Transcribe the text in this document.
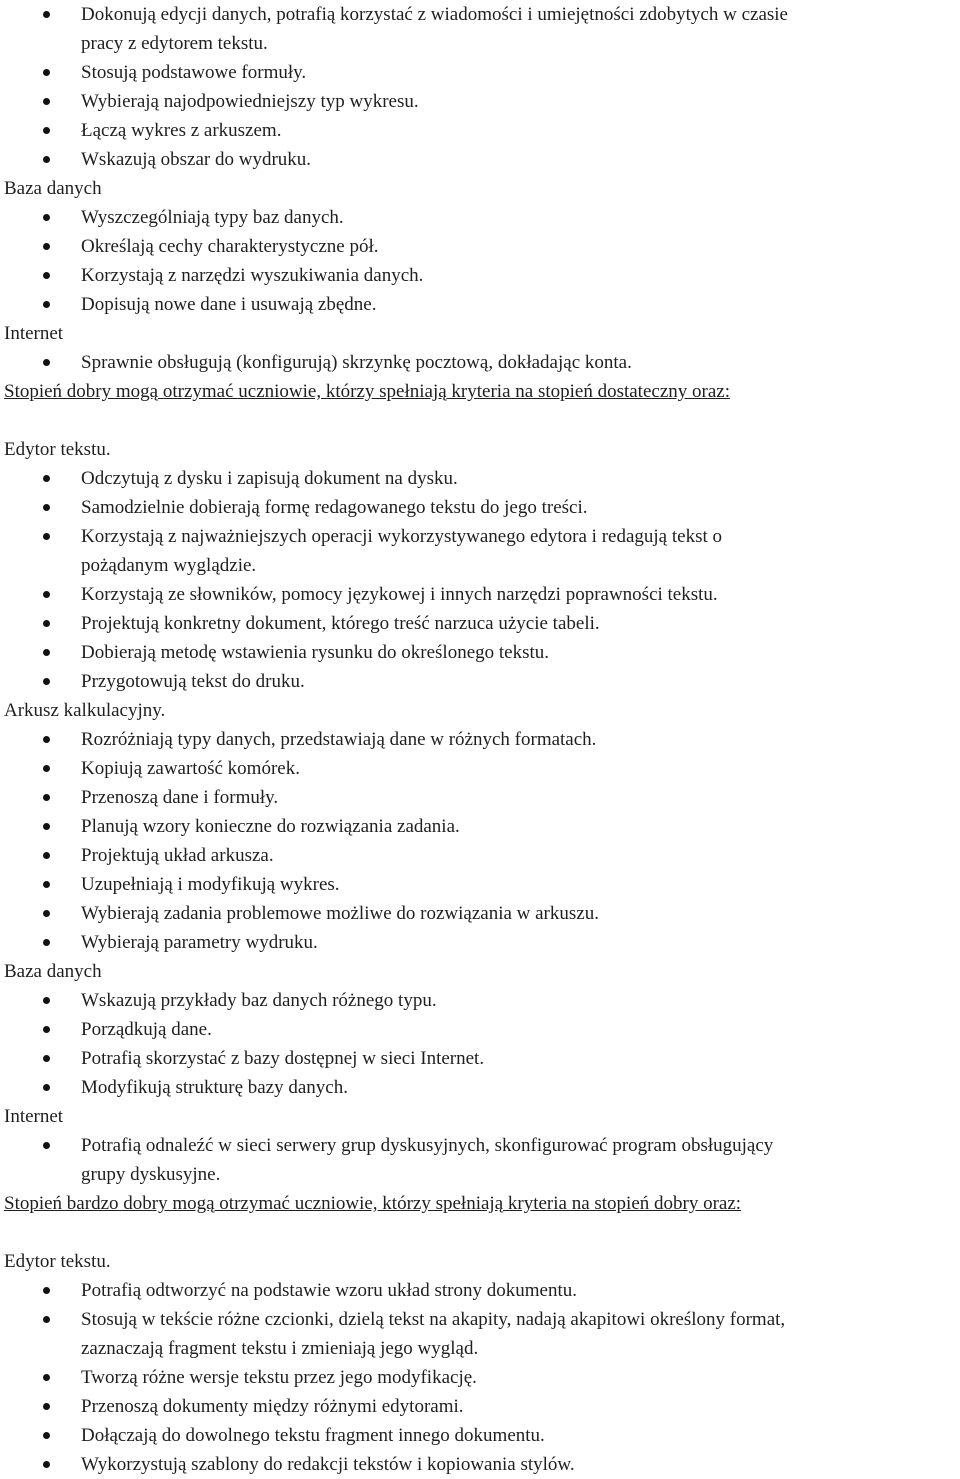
Dokonują edycji danych, potrafią korzystać z wiadomości i umiejętności zdobytych w czasie
pracy z edytorem tekstu.
Stosują podstawowe formuły.
Wybierają najodpowiedniejszy typ wykresu.
Łączą wykres z arkuszem.
Wskazują obszar do wydruku.
Baza danych
Wyszczególniają typy baz danych.
Określają cechy charakterystyczne pół.
Korzystają z narzędzi wyszukiwania danych.
Dopisują nowe dane i usuwają zbędne.
Internet
Sprawnie obsługują (konfigurują) skrzynkę pocztową, dokładając konta.
Stopień dobry mogą otrzymać uczniowie, którzy spełniają kryteria na stopień dostateczny oraz:
Edytor tekstu.
Odczytują z dysku i zapisują dokument na dysku.
Samodzielnie dobierają formę redagowanego tekstu do jego treści.
Korzystają z najważniejszych operacji wykorzystywanego edytora i redagują tekst o
pożądanym wyglądzie.
Korzystają ze słowników, pomocy językowej i innych narzędzi poprawności tekstu.
Projektują konkretny dokument, którego treść narzuca użycie tabeli.
Dobierają metodę wstawienia rysunku do określonego tekstu.
Przygotowują tekst do druku.
Arkusz kalkulacyjny.
Rozróżniają typy danych, przedstawiają dane w różnych formatach.
Kopiują zawartość komórek.
Przenoszą dane i formuły.
Planują wzory konieczne do rozwiązania zadania.
Projektują układ arkusza.
Uzupełniają i modyfikują wykres.
Wybierają zadania problemowe możliwe do rozwiązania w arkuszu.
Wybierają parametry wydruku.
Baza danych
Wskazują przykłady baz danych różnego typu.
Porządkują dane.
Potrafią skorzystać z bazy dostępnej w sieci Internet.
Modyfikują strukturę bazy danych.
Internet
Potrafią odnaleźć w sieci serwery grup dyskusyjnych, skonfigurować program obsługujący
grupy dyskusyjne.
Stopień bardzo dobry mogą otrzymać uczniowie, którzy spełniają kryteria na stopień dobry oraz:
Edytor tekstu.
Potrafią odtworzyć na podstawie wzoru układ strony dokumentu.
Stosują w tekście różne czcionki, dzielą tekst na akapity, nadają akapitowi określony format,
zaznaczają fragment tekstu i zmieniają jego wygląd.
Tworzą różne wersje tekstu przez jego modyfikację.
Przenoszą dokumenty między różnymi edytorami.
Dołączają do dowolnego tekstu fragment innego dokumentu.
Wykorzystują szablony do redakcji tekstów i kopiowania stylów.
